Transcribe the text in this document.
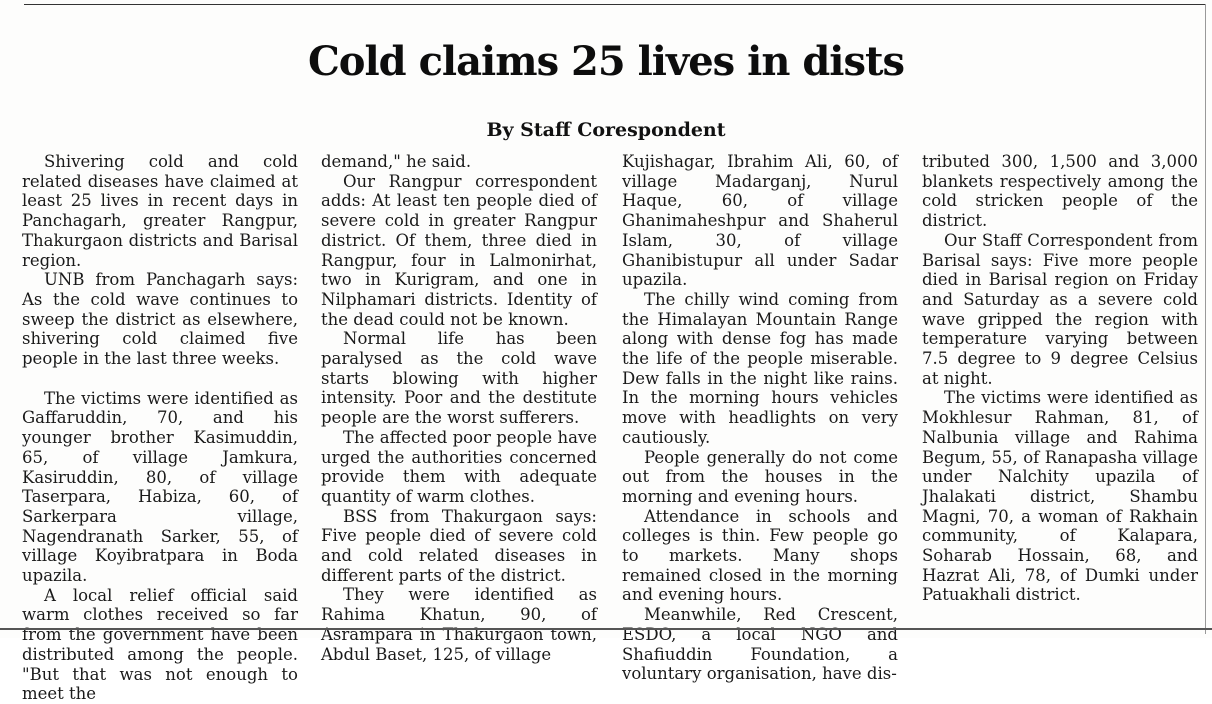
Cold claims 25 lives in dists
By Staff Corespondent

Shivering cold and cold related diseases have claimed at least 25 lives in recent days in Panchagarh, greater Rangpur, Thakurgaon districts and Barisal region.

UNB from Panchagarh says: As the cold wave continues to sweep the district as elsewhere, shivering cold claimed five people in the last three weeks.

The victims were identified as Gaffaruddin, 70, and his younger brother Kasimuddin, 65, of village Jamkura, Kasiruddin, 80, of village Taserpara, Habiza, 60, of Sarkerpara village, Nagendranath Sarker, 55, of village Koyibratpara in Boda upazila.

A local relief official said warm clothes received so far from the government have been distributed among the people. "But that was not enough to meet the

demand," he said.

Our Rangpur correspondent adds: At least ten people died of severe cold in greater Rangpur district. Of them, three died in Rangpur, four in Lalmonirhat, two in Kurigram, and one in Nilphamari districts. Identity of the dead could not be known.

Normal life has been paralysed as the cold wave starts blowing with higher intensity. Poor and the destitute people are the worst sufferers.

The affected poor people have urged the authorities concerned provide them with adequate quantity of warm clothes.

BSS from Thakurgaon says: Five people died of severe cold and cold related diseases in different parts of the district.

They were identified as Rahima Khatun, 90, of Asrampara in Thakurgaon town, Abdul Baset, 125, of village

Kujishagar, Ibrahim Ali, 60, of village Madarganj, Nurul Haque, 60, of village Ghanimaheshpur and Shaherul Islam, 30, of village Ghanibistupur all under Sadar upazila.

The chilly wind coming from the Himalayan Mountain Range along with dense fog has made the life of the people miserable. Dew falls in the night like rains. In the morning hours vehicles move with headlights on very cautiously.

People generally do not come out from the houses in the morning and evening hours.

Attendance in schools and colleges is thin. Few people go to markets. Many shops remained closed in the morning and evening hours.

Meanwhile, Red Crescent, ESDO, a local NGO and Shafiuddin Foundation, a voluntary organisation, have dis-

tributed 300, 1,500 and 3,000 blankets respectively among the cold stricken people of the district.

Our Staff Correspondent from Barisal says: Five more people died in Barisal region on Friday and Saturday as a severe cold wave gripped the region with temperature varying between 7.5 degree to 9 degree Celsius at night.

The victims were identified as Mokhlesur Rahman, 81, of Nalbunia village and Rahima Begum, 55, of Ranapasha village under Nalchity upazila of Jhalakati district, Shambu Magni, 70, a woman of Rakhain community, of Kalapara, Soharab Hossain, 68, and Hazrat Ali, 78, of Dumki under Patuakhali district.
